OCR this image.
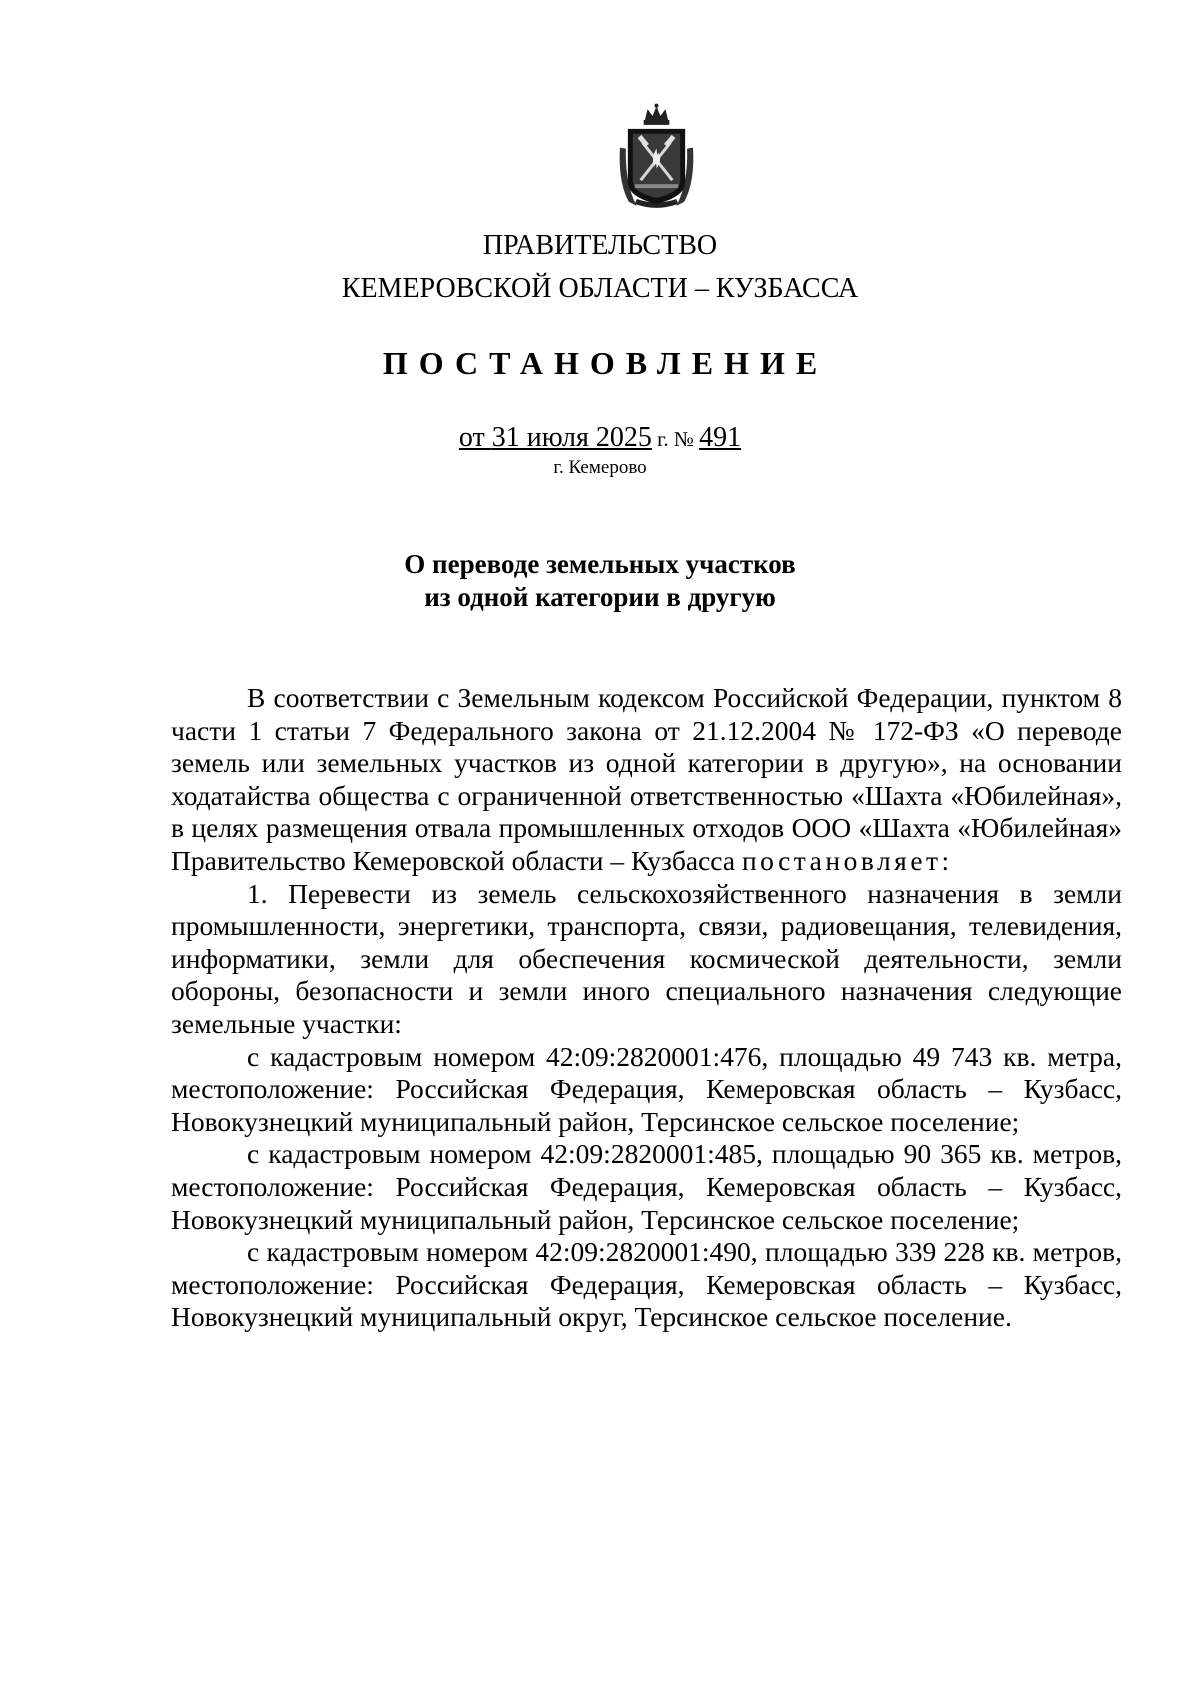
ПРАВИТЕЛЬСТВО
КЕМЕРОВСКОЙ ОБЛАСТИ – КУЗБАССА
ПОСТАНОВЛЕНИЕ
от 31 июля 2025 г. № 491
г. Кемерово
О переводе земельных участков
из одной категории в другую

В соответствии с Земельным кодексом Российской Федерации, пунктом 8 части 1 статьи 7 Федерального закона от 21.12.2004 № 172-ФЗ «О переводе земель или земельных участков из одной категории в другую», на основании ходатайства общества с ограниченной ответственностью «Шахта «Юбилейная», в целях размещения отвала промышленных отходов ООО «Шахта «Юбилейная» Правительство Кемеровской области – Кузбасса постановляет:

1. Перевести из земель сельскохозяйственного назначения в земли промышленности, энергетики, транспорта, связи, радиовещания, телевидения, информатики, земли для обеспечения космической деятельности, земли обороны, безопасности и земли иного специального назначения следующие земельные участки:

с кадастровым номером 42:09:2820001:476, площадью 49 743 кв. метра, местоположение: Российская Федерация, Кемеровская область – Кузбасс, Новокузнецкий муниципальный район, Терсинское сельское поселение;

с кадастровым номером 42:09:2820001:485, площадью 90 365 кв. метров, местоположение: Российская Федерация, Кемеровская область – Кузбасс, Новокузнецкий муниципальный район, Терсинское сельское поселение;

с кадастровым номером 42:09:2820001:490, площадью 339 228 кв. метров, местоположение: Российская Федерация, Кемеровская область – Кузбасс, Новокузнецкий муниципальный округ, Терсинское сельское поселение.
